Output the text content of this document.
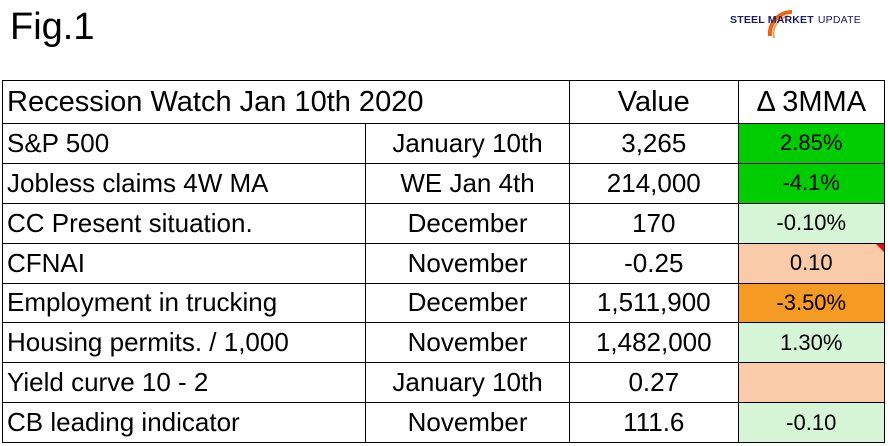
Fig.1	STEEL MARKET UPDATE
Recession Watch Jan 10th 2020		Value	Δ 3MMA
S&P 500	January 10th	3,265	2.85%
Jobless claims 4W MA	WE Jan 4th	214,000	-4.1%
CC Present situation.	December	170	-0.10%
CFNAI	November	-0.25	0.10
Employment in trucking	December	1,511,900	-3.50%
Housing permits. / 1,000	November	1,482,000	1.30%
Yield curve 10 - 2	January 10th	0.27	
CB leading indicator	November	111.6	-0.10
